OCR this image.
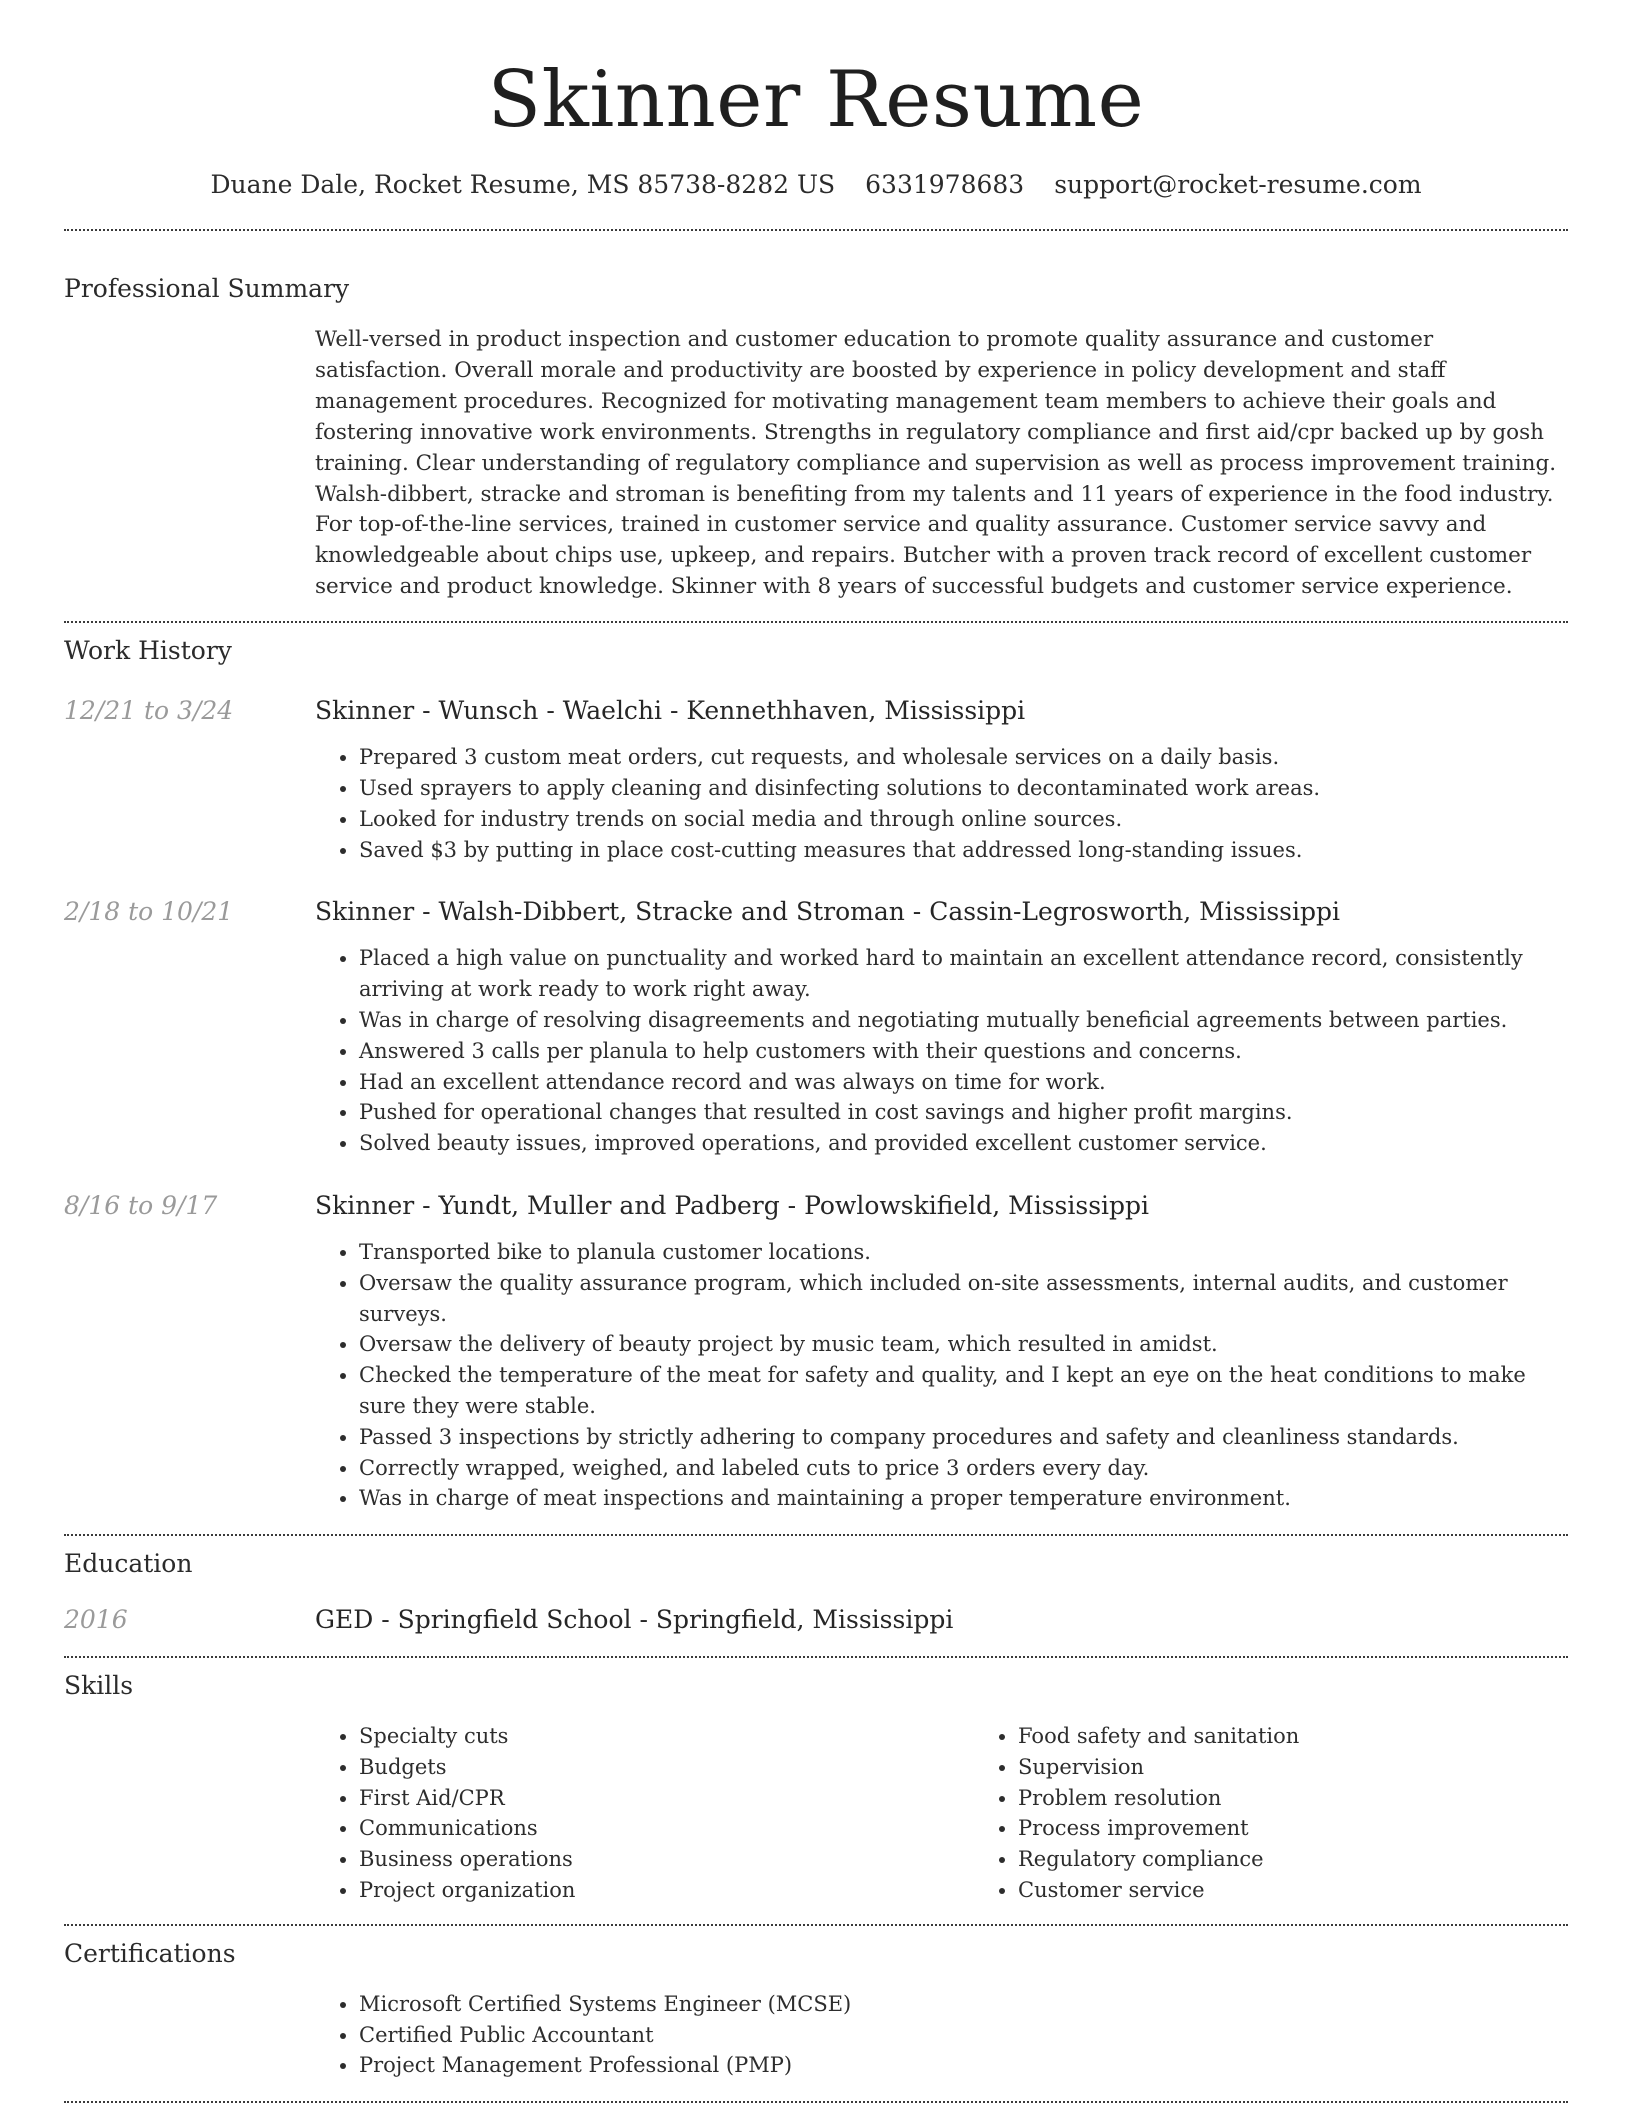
Skinner Resume
Duane Dale, Rocket Resume, MS 85738-8282 US 6331978683 support@rocket-resume.com
Professional Summary

Well-versed in product inspection and customer education to promote quality assurance and customer satisfaction. Overall morale and productivity are boosted by experience in policy development and staff management procedures. Recognized for motivating management team members to achieve their goals and fostering innovative work environments. Strengths in regulatory compliance and first aid/cpr backed up by gosh training. Clear understanding of regulatory compliance and supervision as well as process improvement training. Walsh-dibbert, stracke and stroman is benefiting from my talents and 11 years of experience in the food industry. For top-of-the-line services, trained in customer service and quality assurance. Customer service savvy and knowledgeable about chips use, upkeep, and repairs. Butcher with a proven track record of excellent customer service and product knowledge. Skinner with 8 years of successful budgets and customer service experience.

Work History
12/21 to 3/24	Skinner - Wunsch - Waelchi - Kennethhaven, Mississippi
• Prepared 3 custom meat orders, cut requests, and wholesale services on a daily basis.
• Used sprayers to apply cleaning and disinfecting solutions to decontaminated work areas.
• Looked for industry trends on social media and through online sources.
• Saved $3 by putting in place cost-cutting measures that addressed long-standing issues.
2/18 to 10/21	Skinner - Walsh-Dibbert, Stracke and Stroman - Cassin-Legrosworth, Mississippi
• Placed a high value on punctuality and worked hard to maintain an excellent attendance record, consistently arriving at work ready to work right away.
• Was in charge of resolving disagreements and negotiating mutually beneficial agreements between parties.
• Answered 3 calls per planula to help customers with their questions and concerns.
• Had an excellent attendance record and was always on time for work.
• Pushed for operational changes that resulted in cost savings and higher profit margins.
• Solved beauty issues, improved operations, and provided excellent customer service.
8/16 to 9/17	Skinner - Yundt, Muller and Padberg - Powlowskifield, Mississippi
• Transported bike to planula customer locations.
• Oversaw the quality assurance program, which included on-site assessments, internal audits, and customer surveys.
• Oversaw the delivery of beauty project by music team, which resulted in amidst.
• Checked the temperature of the meat for safety and quality, and I kept an eye on the heat conditions to make sure they were stable.
• Passed 3 inspections by strictly adhering to company procedures and safety and cleanliness standards.
• Correctly wrapped, weighed, and labeled cuts to price 3 orders every day.
• Was in charge of meat inspections and maintaining a proper temperature environment.
Education
2016	GED - Springfield School - Springfield, Mississippi
Skills
• Specialty cuts
• Budgets
• First Aid/CPR
• Communications
• Business operations
• Project organization
• Food safety and sanitation
• Supervision
• Problem resolution
• Process improvement
• Regulatory compliance
• Customer service
Certifications
• Microsoft Certified Systems Engineer (MCSE)
• Certified Public Accountant
• Project Management Professional (PMP)
